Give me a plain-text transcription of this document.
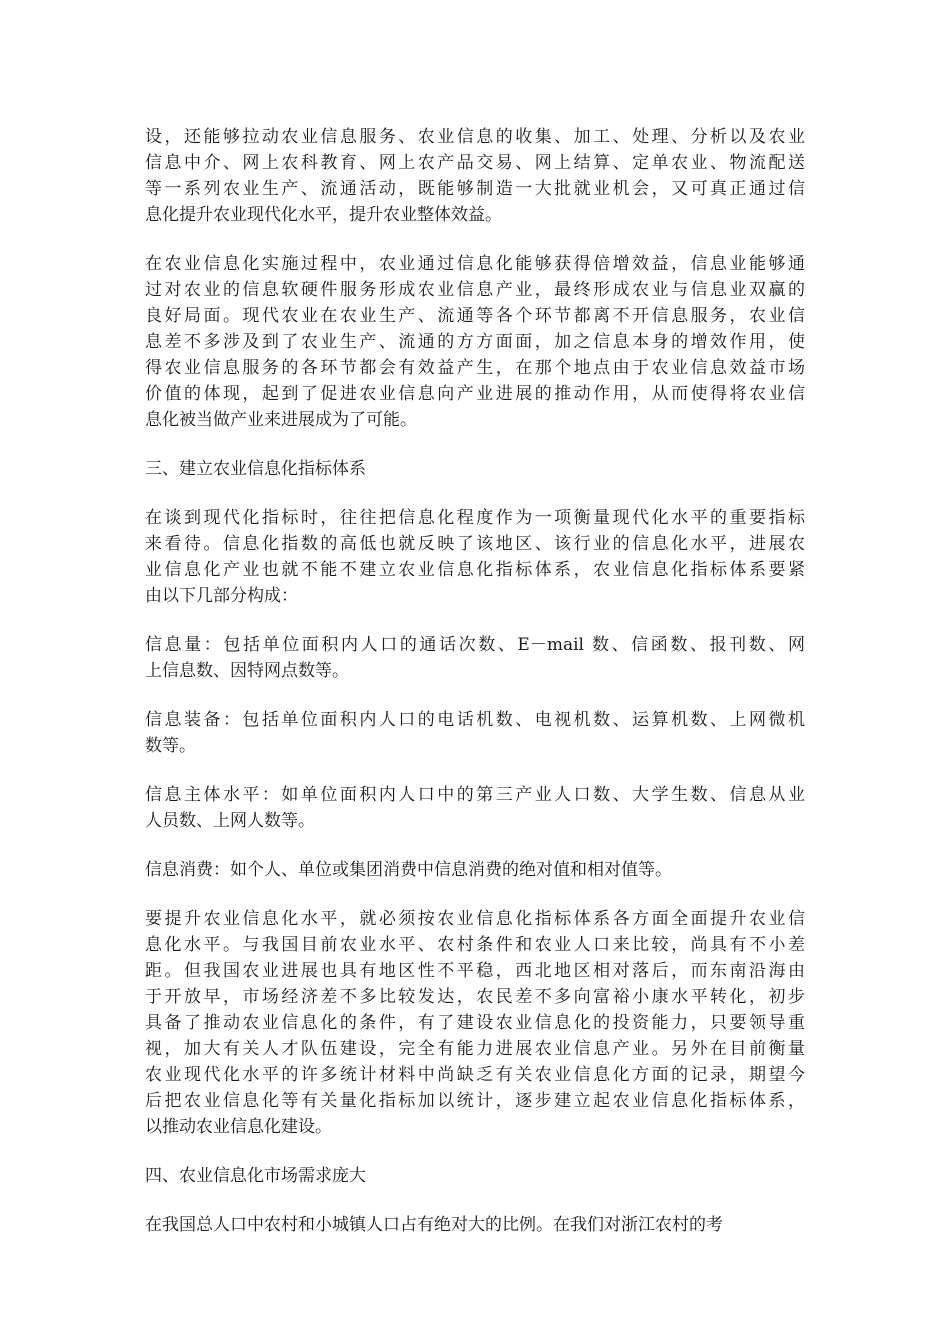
设，还能够拉动农业信息服务、农业信息的收集、加工、处理、分析以及农业
信息中介、网上农科教育、网上农产品交易、网上结算、定单农业、物流配送
等一系列农业生产、流通活动，既能够制造一大批就业机会，又可真正通过信
息化提升农业现代化水平，提升农业整体效益。
在农业信息化实施过程中，农业通过信息化能够获得倍增效益，信息业能够通
过对农业的信息软硬件服务形成农业信息产业，最终形成农业与信息业双赢的
良好局面。现代农业在农业生产、流通等各个环节都离不开信息服务，农业信
息差不多涉及到了农业生产、流通的方方面面，加之信息本身的增效作用，使
得农业信息服务的各环节都会有效益产生，在那个地点由于农业信息效益市场
价值的体现，起到了促进农业信息向产业进展的推动作用，从而使得将农业信
息化被当做产业来进展成为了可能。
三、建立农业信息化指标体系
在谈到现代化指标时，往往把信息化程度作为一项衡量现代化水平的重要指标
来看待。信息化指数的高低也就反映了该地区、该行业的信息化水平，进展农
业信息化产业也就不能不建立农业信息化指标体系，农业信息化指标体系要紧
由以下几部分构成：
信息量：包括单位面积内人口的通话次数、E－mail 数、信函数、报刊数、网
上信息数、因特网点数等。
信息装备：包括单位面积内人口的电话机数、电视机数、运算机数、上网微机
数等。
信息主体水平：如单位面积内人口中的第三产业人口数、大学生数、信息从业
人员数、上网人数等。
信息消费：如个人、单位或集团消费中信息消费的绝对值和相对值等。
要提升农业信息化水平，就必须按农业信息化指标体系各方面全面提升农业信
息化水平。与我国目前农业水平、农村条件和农业人口来比较，尚具有不小差
距。但我国农业进展也具有地区性不平稳，西北地区相对落后，而东南沿海由
于开放早，市场经济差不多比较发达，农民差不多向富裕小康水平转化，初步
具备了推动农业信息化的条件，有了建设农业信息化的投资能力，只要领导重
视，加大有关人才队伍建设，完全有能力进展农业信息产业。另外在目前衡量
农业现代化水平的许多统计材料中尚缺乏有关农业信息化方面的记录，期望今
后把农业信息化等有关量化指标加以统计，逐步建立起农业信息化指标体系，
以推动农业信息化建设。
四、农业信息化市场需求庞大
在我国总人口中农村和小城镇人口占有绝对大的比例。在我们对浙江农村的考
